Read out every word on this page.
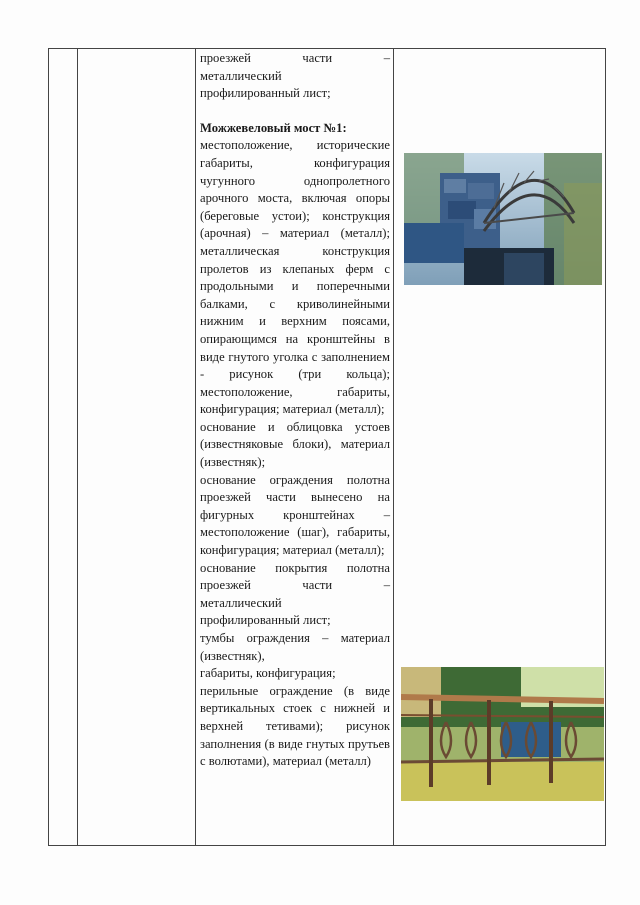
проезжей части –

металлический

профилированный лист;

Можжевеловый мост №1:

местоположение, исторические габариты, конфигурация чугунного однопролетного арочного моста, включая опоры (береговые устои); конструкция (арочная) – материал (металл); металлическая конструкция пролетов из клепаных ферм с продольными и поперечными балками, с криволинейными нижним и верхним поясами, опирающимся на кронштейны в виде гнутого уголка с заполнением - рисунок (три кольца); местоположение, габариты, конфигурация; материал (металл);

основание и облицовка устоев (известняковые блоки), материал (известняк);

основание ограждения полотна проезжей части вынесено на фигурных кронштейнах – местоположение (шаг), габариты, конфигурация; материал (металл);

основание покрытия полотна проезжей части –

металлический

профилированный лист;

тумбы ограждения – материал (известняк),

габариты, конфигурация;

перильные ограждение (в виде вертикальных стоек с нижней и верхней тетивами); рисунок заполнения (в виде гнутых прутьев с волютами), материал (металл)
